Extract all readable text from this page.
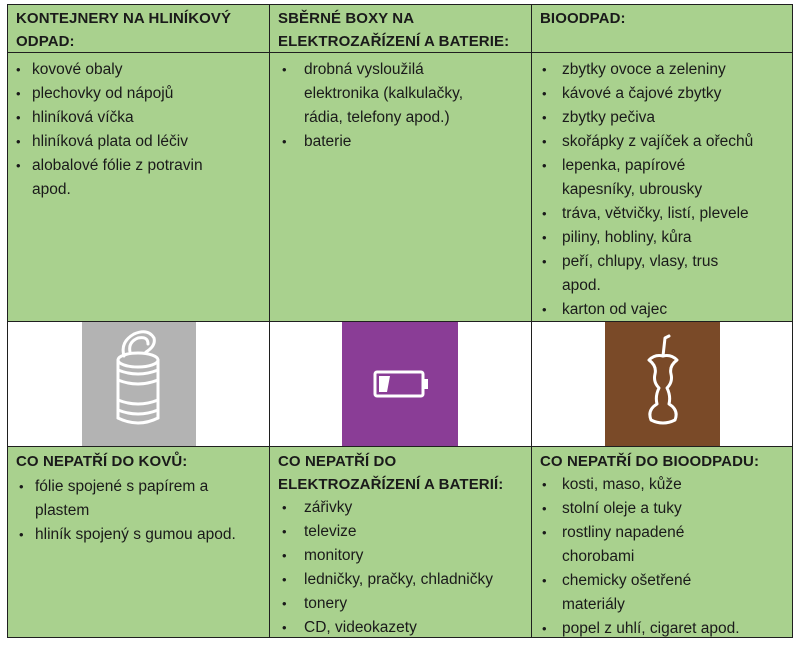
KONTEJNERY NA HLINÍKOVÝ
ODPAD:
SBĚRNÉ BOXY NA
ELEKTROZAŘÍZENÍ A BATERIE:
BIOODPAD:
• kovové obaly
• plechovky od nápojů
• hliníková víčka
• hliníková plata od léčiv
• alobalové fólie z potravin
apod.
• drobná vysloužilá
elektronika (kalkulačky,
rádia, telefony apod.)
• baterie
• zbytky ovoce a zeleniny
• kávové a čajové zbytky
• zbytky pečiva
• skořápky z vajíček a ořechů
• lepenka, papírové
kapesníky, ubrousky
• tráva, větvičky, listí, plevele
• piliny, hobliny, kůra
• peří, chlupy, vlasy, trus
apod.
• karton od vajec
CO NEPATŘÍ DO KOVŮ:
• fólie spojené s papírem a
plastem
• hliník spojený s gumou apod.
CO NEPATŘÍ DO
ELEKTROZAŘÍZENÍ A BATERIÍ:
• zářivky
• televize
• monitory
• ledničky, pračky, chladničky
• tonery
• CD, videokazety
CO NEPATŘÍ DO BIOODPADU:
• kosti, maso, kůže
• stolní oleje a tuky
• rostliny napadené
chorobami
• chemicky ošetřené
materiály
• popel z uhlí, cigaret apod.
